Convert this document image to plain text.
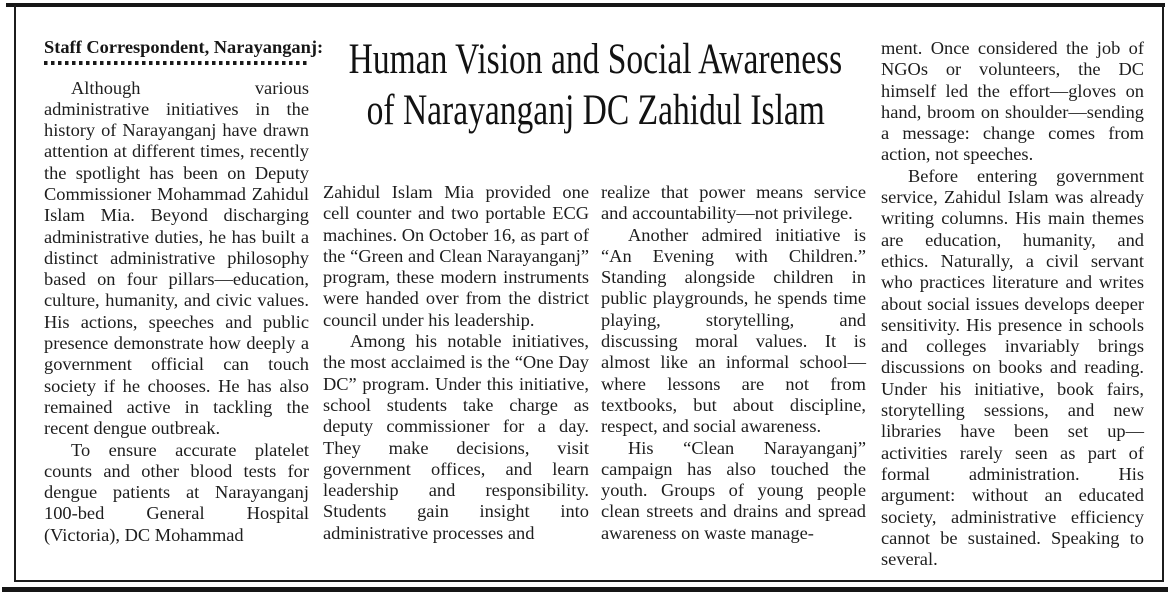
Staff Correspondent, Narayanganj:

Although various administrative initiatives in the history of Narayanganj have drawn attention at different times, recently the spotlight has been on Deputy Commissioner Mohammad Zahidul Islam Mia. Beyond discharging administrative duties, he has built a distinct administrative philosophy based on four pillars—education, culture, humanity, and civic values. His actions, speeches and public presence demonstrate how deeply a government official can touch society if he chooses. He has also remained active in tackling the recent dengue outbreak.

To ensure accurate platelet counts and other blood tests for dengue patients at Narayanganj 100-bed General Hospital (Victoria), DC Mohammad

Human Vision and Social Awareness
of Narayanganj DC Zahidul Islam

Zahidul Islam Mia provided one cell counter and two portable ECG machines. On October 16, as part of the “Green and Clean Narayanganj” program, these modern instruments were handed over from the district council under his leadership.

Among his notable initiatives, the most acclaimed is the “One Day DC” program. Under this initiative, school students take charge as deputy commissioner for a day. They make decisions, visit government offices, and learn leadership and responsibility. Students gain insight into administrative processes and

realize that power means service and accountability—not privilege.

Another admired initiative is “An Evening with Children.” Standing alongside children in public playgrounds, he spends time playing, storytelling, and discussing moral values. It is almost like an informal school—where lessons are not from textbooks, but about discipline, respect, and social awareness.

His “Clean Narayanganj” campaign has also touched the youth. Groups of young people clean streets and drains and spread awareness on waste manage-

ment. Once considered the job of NGOs or volunteers, the DC himself led the effort—gloves on hand, broom on shoulder—sending a message: change comes from action, not speeches.

Before entering government service, Zahidul Islam was already writing columns. His main themes are education, humanity, and ethics. Naturally, a civil servant who practices literature and writes about social issues develops deeper sensitivity. His presence in schools and colleges invariably brings discussions on books and reading. Under his initiative, book fairs, storytelling sessions, and new libraries have been set up—activities rarely seen as part of formal administration. His argument: without an educated society, administrative efficiency cannot be sustained. Speaking to several.
